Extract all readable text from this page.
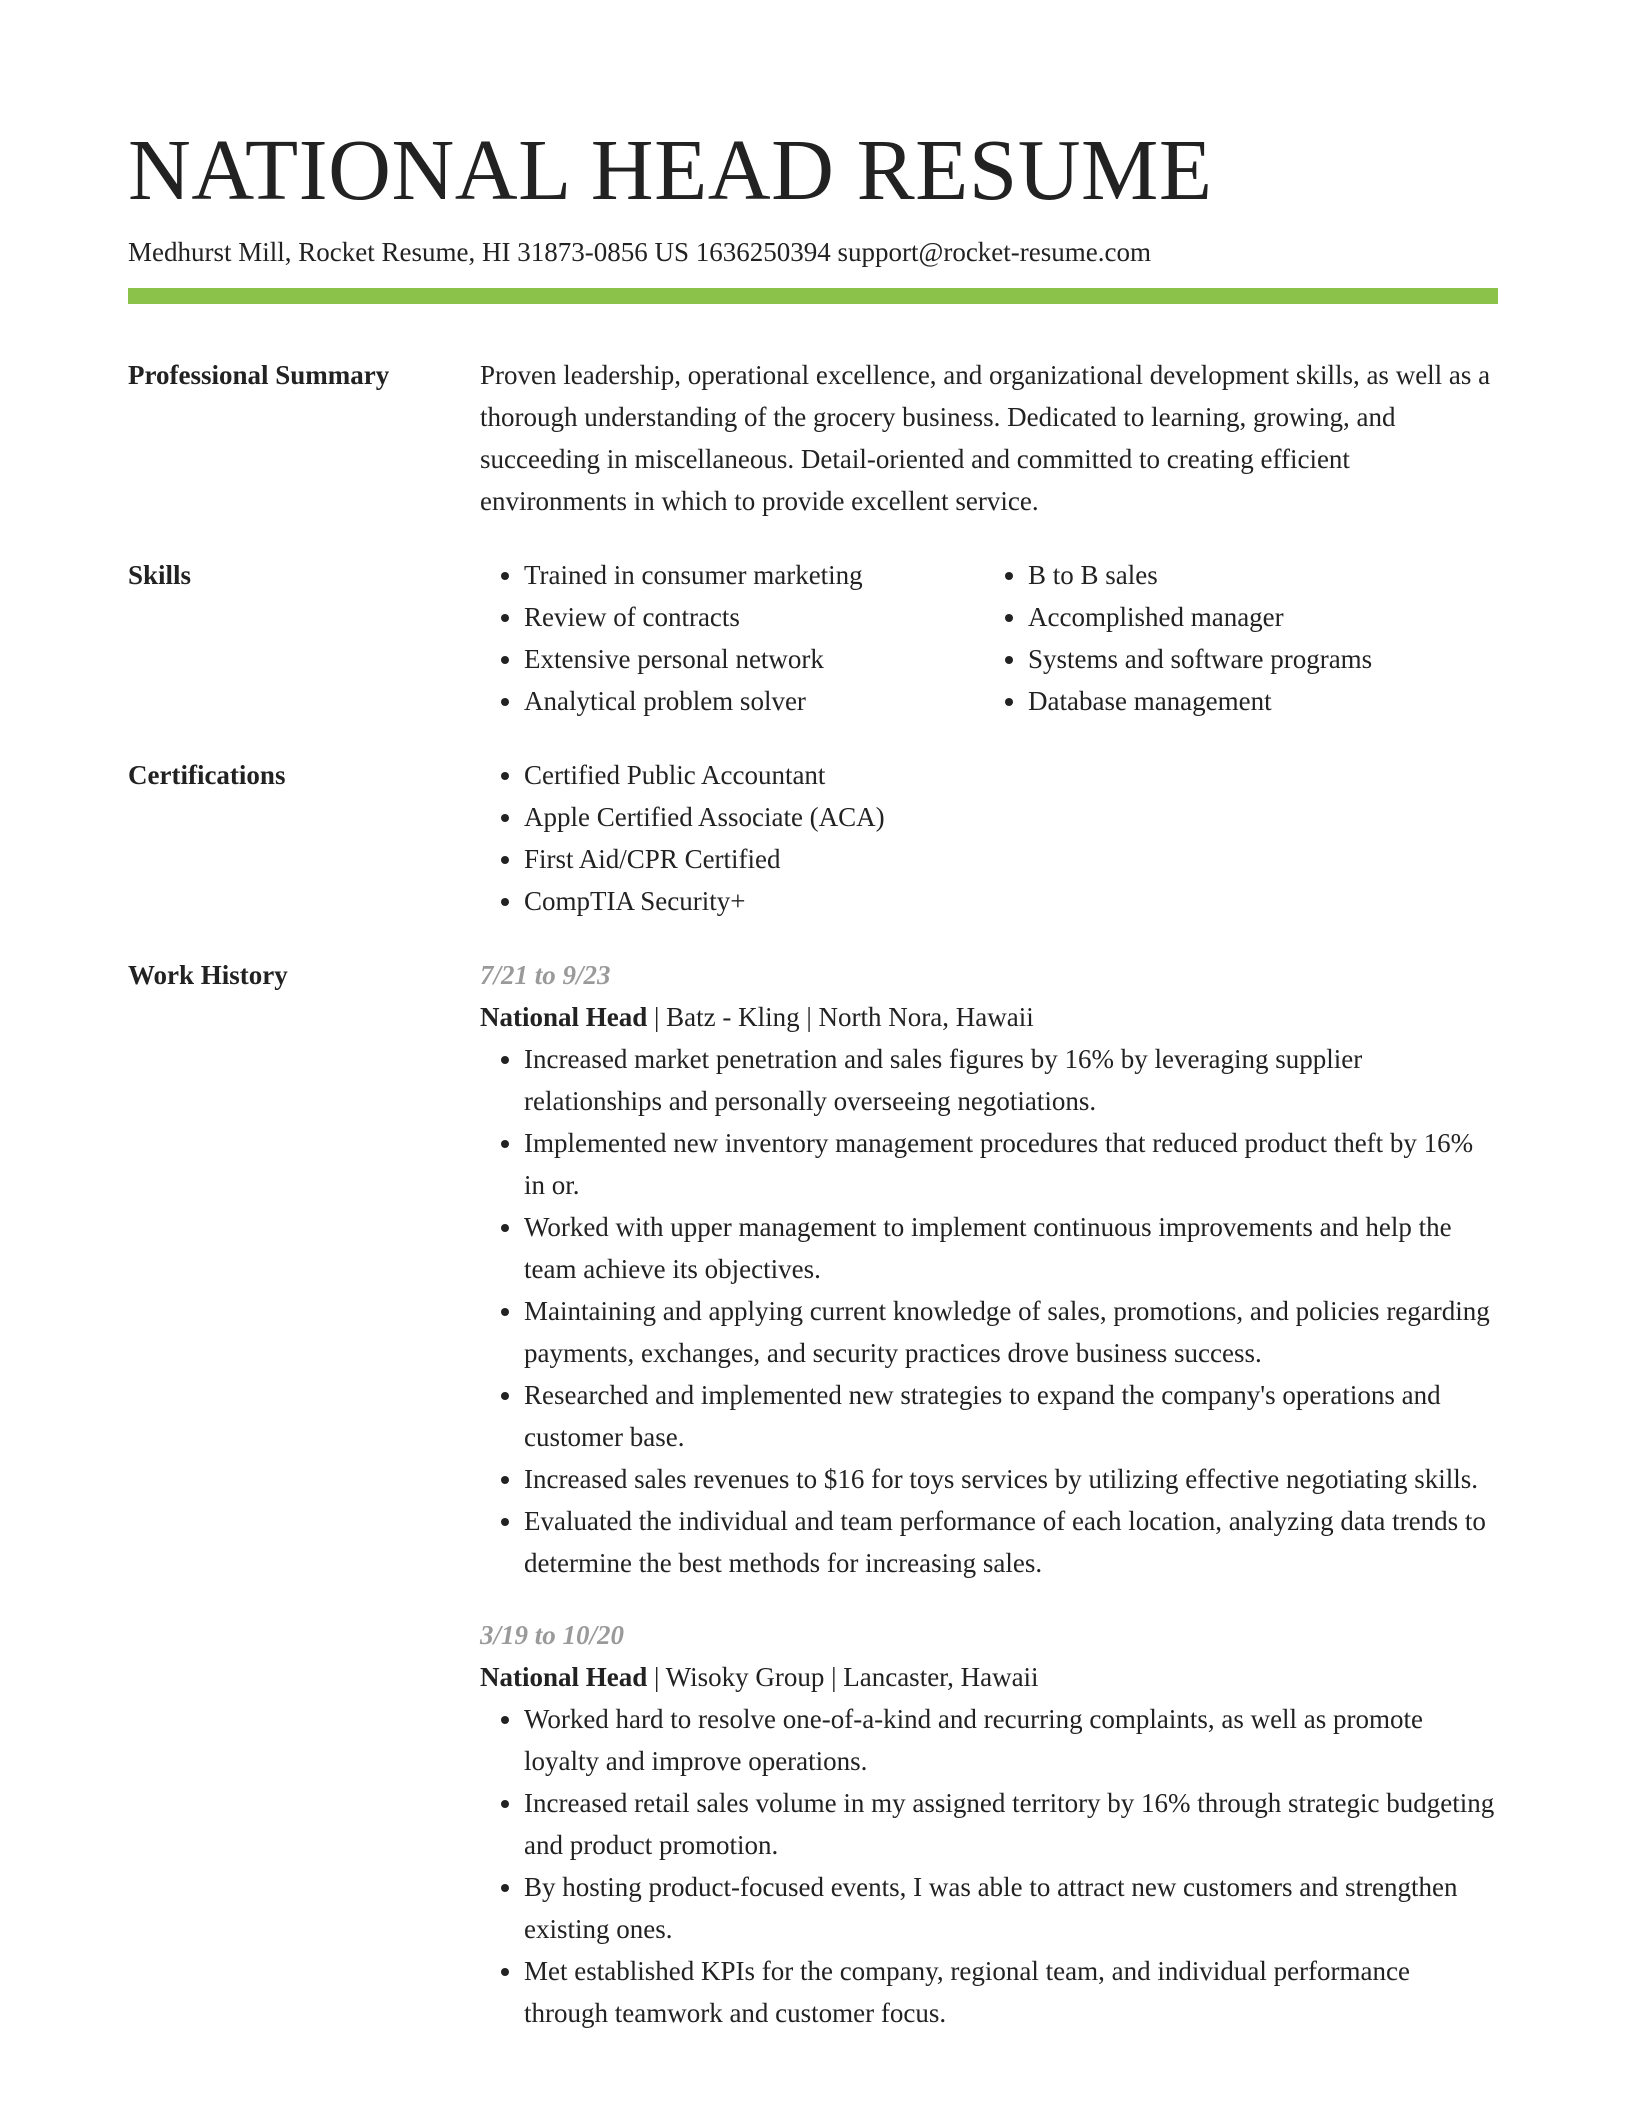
NATIONAL HEAD RESUME
Medhurst Mill, Rocket Resume, HI 31873-0856 US 1636250394 support@rocket-resume.com
Professional Summary	Proven leadership, operational excellence, and organizational development skills, as well as a thorough understanding of the grocery business. Dedicated to learning, growing, and succeeding in miscellaneous. Detail-oriented and committed to creating efficient environments in which to provide excellent service.

Skills	• Trained in consumer marketing
• Review of contracts
• Extensive personal network
• Analytical problem solver
• B to B sales
• Accomplished manager
• Systems and software programs
• Database management
Certifications	• Certified Public Accountant
• Apple Certified Associate (ACA)
• First Aid/CPR Certified
• CompTIA Security+
Work History	7/21 to 9/23
National Head | Batz - Kling | North Nora, Hawaii
• Increased market penetration and sales figures by 16% by leveraging supplier relationships and personally overseeing negotiations.
• Implemented new inventory management procedures that reduced product theft by 16% in or.
• Worked with upper management to implement continuous improvements and help the team achieve its objectives.
• Maintaining and applying current knowledge of sales, promotions, and policies regarding payments, exchanges, and security practices drove business success.
• Researched and implemented new strategies to expand the company's operations and customer base.
• Increased sales revenues to $16 for toys services by utilizing effective negotiating skills.
• Evaluated the individual and team performance of each location, analyzing data trends to determine the best methods for increasing sales.
3/19 to 10/20
National Head | Wisoky Group | Lancaster, Hawaii
• Worked hard to resolve one-of-a-kind and recurring complaints, as well as promote loyalty and improve operations.
• Increased retail sales volume in my assigned territory by 16% through strategic budgeting and product promotion.
• By hosting product-focused events, I was able to attract new customers and strengthen existing ones.
• Met established KPIs for the company, regional team, and individual performance through teamwork and customer focus.
